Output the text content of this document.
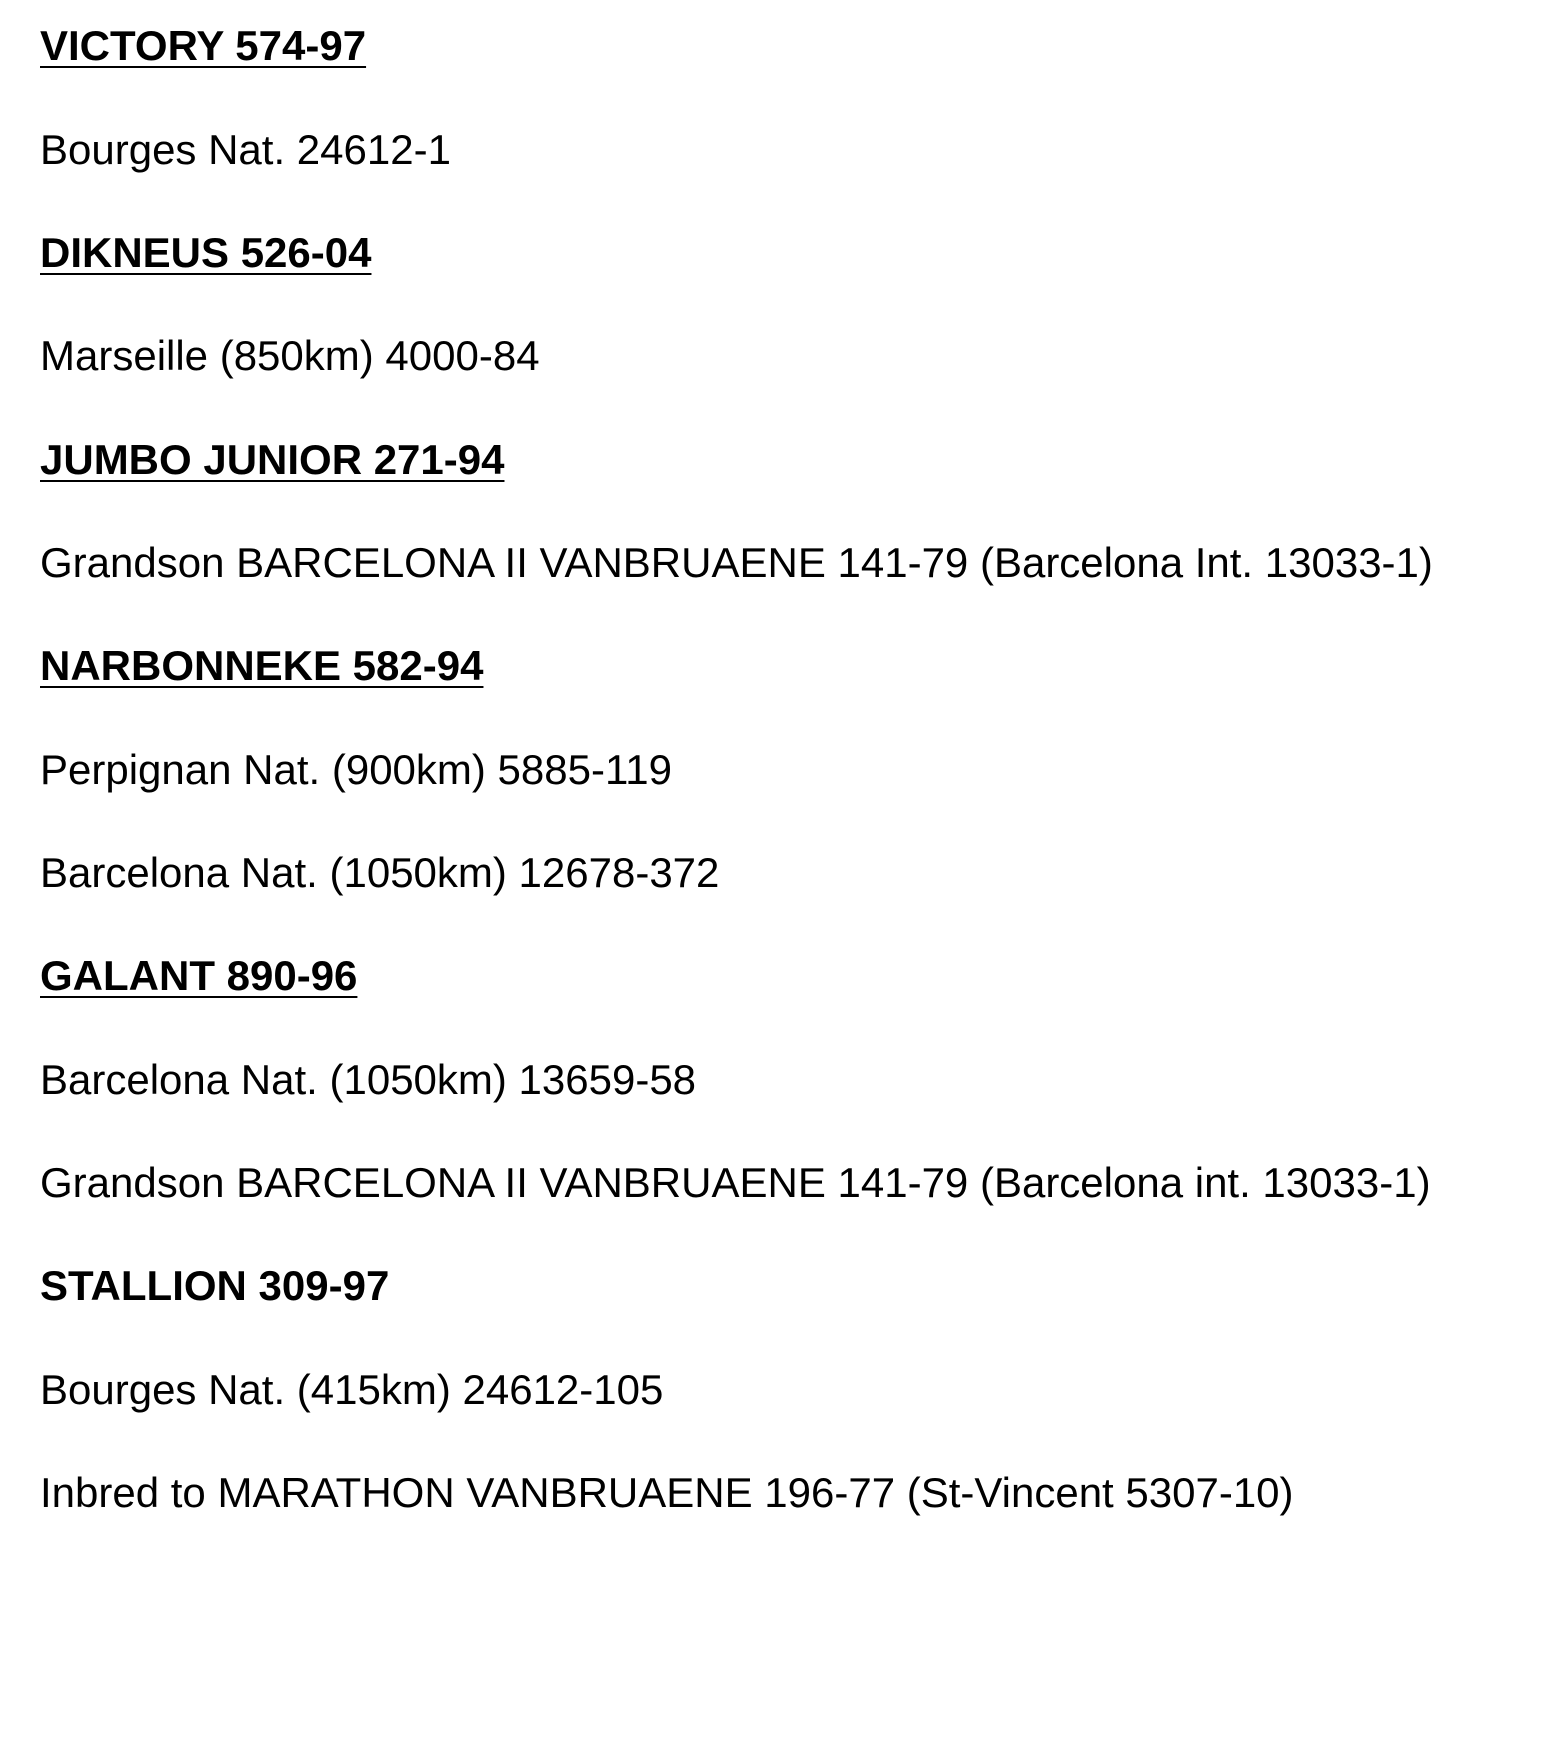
VICTORY 574-97
Bourges Nat. 24612-1
DIKNEUS 526-04
Marseille (850km) 4000-84
JUMBO JUNIOR 271-94
Grandson BARCELONA II VANBRUAENE 141-79 (Barcelona Int. 13033-1)
NARBONNEKE 582-94
Perpignan Nat. (900km) 5885-119
Barcelona Nat. (1050km) 12678-372
GALANT 890-96
Barcelona Nat. (1050km) 13659-58
Grandson BARCELONA II VANBRUAENE 141-79 (Barcelona int. 13033-1)
STALLION 309-97
Bourges Nat. (415km) 24612-105
Inbred to MARATHON VANBRUAENE 196-77 (St-Vincent 5307-10)
